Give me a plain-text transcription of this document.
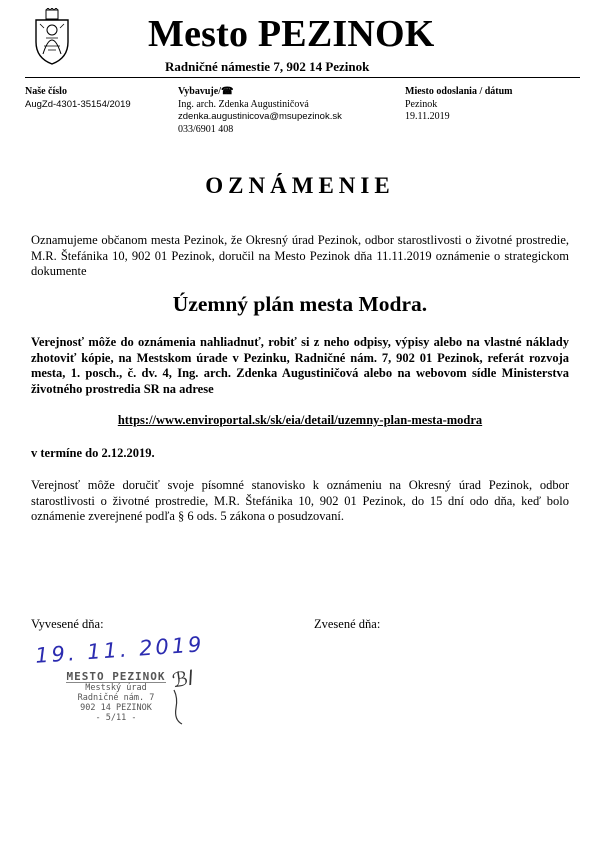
Mesto PEZINOK
Radničné námestie 7, 902 14 Pezinok
Naše číslo
AugZd-4301-35154/2019
Vybavuje/☎
Ing. arch. Zdenka Augustiničová
zdenka.augustinicova@msupezinok.sk
033/6901 408
Miesto odoslania / dátum
Pezinok
19.11.2019
OZNÁMENIE
Oznamujeme občanom mesta Pezinok, že Okresný úrad Pezinok, odbor starostlivosti o životné prostredie, M.R. Štefánika 10, 902 01 Pezinok, doručil na Mesto Pezinok dňa 11.11.2019 oznámenie o strategickom dokumente
Územný plán mesta Modra.
Verejnosť môže do oznámenia nahliadnuť, robiť si z neho odpisy, výpisy alebo na vlastné náklady zhotoviť kópie, na Mestskom úrade v Pezinku, Radničné nám. 7, 902 01 Pezinok, referát rozvoja mesta, 1. posch., č. dv. 4, Ing. arch. Zdenka Augustiničová alebo na webovom sídle Ministerstva životného prostredia SR na adrese
https://www.enviroportal.sk/sk/eia/detail/uzemny-plan-mesta-modra
v termíne do 2.12.2019.
Verejnosť môže doručiť svoje písomné stanovisko k oznámeniu na Okresný úrad Pezinok, odbor starostlivosti o životné prostredie, M.R. Štefánika 10, 902 01 Pezinok, do 15 dní odo dňa, keď bolo oznámenie zverejnené podľa § 6 ods. 5 zákona o posudzovaní.
Vyvesené dňa:	Zvesené dňa:
19. 11. 2019
MESTO PEZINOK
Mestský úrad
Radničné nám. 7
902 14 PEZINOK
- 5/11 -
ℬl
